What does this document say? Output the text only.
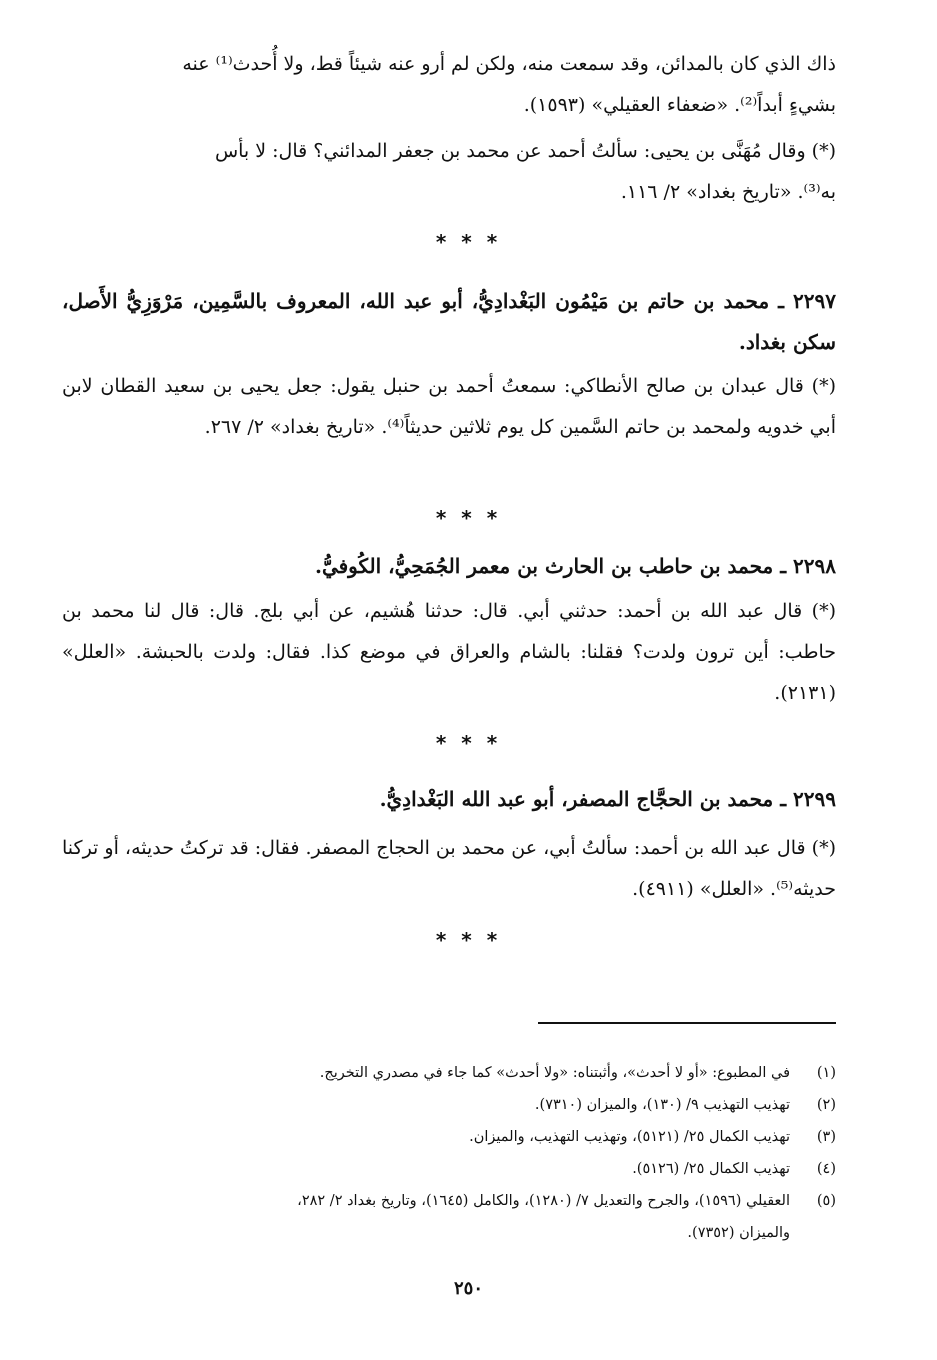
ذاك الذي كان بالمدائن، وقد سمعت منه، ولكن لم أرو عنه شيئاً قط، ولا أُحدث⁽¹⁾ عنه
بشيءٍ أبداً⁽²⁾. «ضعفاء العقيلي» (١٥٩٣).

(*) وقال مُهَنَّى بن يحيى: سألتُ أحمد عن محمد بن جعفر المدائني؟ قال: لا بأس
به⁽³⁾. «تاريخ بغداد» ٢/ ١١٦.

* * *

٢٢٩٧ ـ محمد بن حاتم بن مَيْمُون البَغْدادِيُّ، أبو عبد الله، المعروف بالسَّمِين، مَرْوَزِيُّ الأَصل، سكن بغداد.

(*) قال عبدان بن صالح الأنطاكي: سمعتُ أحمد بن حنبل يقول: جعل يحيى بن سعيد القطان لابن أبي خدويه ولمحمد بن حاتم السَّمين كل يوم ثلاثين حديثاً⁽⁴⁾. «تاريخ بغداد» ٢/ ٢٦٧.

* * *

٢٢٩٨ ـ محمد بن حاطب بن الحارث بن معمر الجُمَحِيُّ، الكُوفيُّ.

(*) قال عبد الله بن أحمد: حدثني أبي. قال: حدثنا هُشيم، عن أبي بلج. قال: قال لنا محمد بن حاطب: أين ترون ولدت؟ فقلنا: بالشام والعراق في موضع كذا. فقال: ولدت بالحبشة. «العلل» (٢١٣١).

* * *

٢٢٩٩ ـ محمد بن الحجَّاج المصفر، أبو عبد الله البَغْدادِيُّ.

(*) قال عبد الله بن أحمد: سألتُ أبي، عن محمد بن الحجاج المصفر. فقال: قد تركتُ حديثه، أو تركنا حديثه⁽⁵⁾. «العلل» (٤٩١١).

* * *

(١)في المطبوع: «أو لا أحدث»، وأثبتناه: «ولا أحدث» كما جاء في مصدري التخريج.

(٢)تهذيب التهذيب ٩/ (١٣٠)، والميزان (٧٣١٠).

(٣)تهذيب الكمال ٢٥/ (٥١٢١)، وتهذيب التهذيب، والميزان.

(٤)تهذيب الكمال ٢٥/ (٥١٢٦).

(٥)العقيلي (١٥٩٦)، والجرح والتعديل ٧/ (١٢٨٠)، والكامل (١٦٤٥)، وتاريخ بغداد ٢/ ٢٨٢،
والميزان (٧٣٥٢).

٢٥٠
